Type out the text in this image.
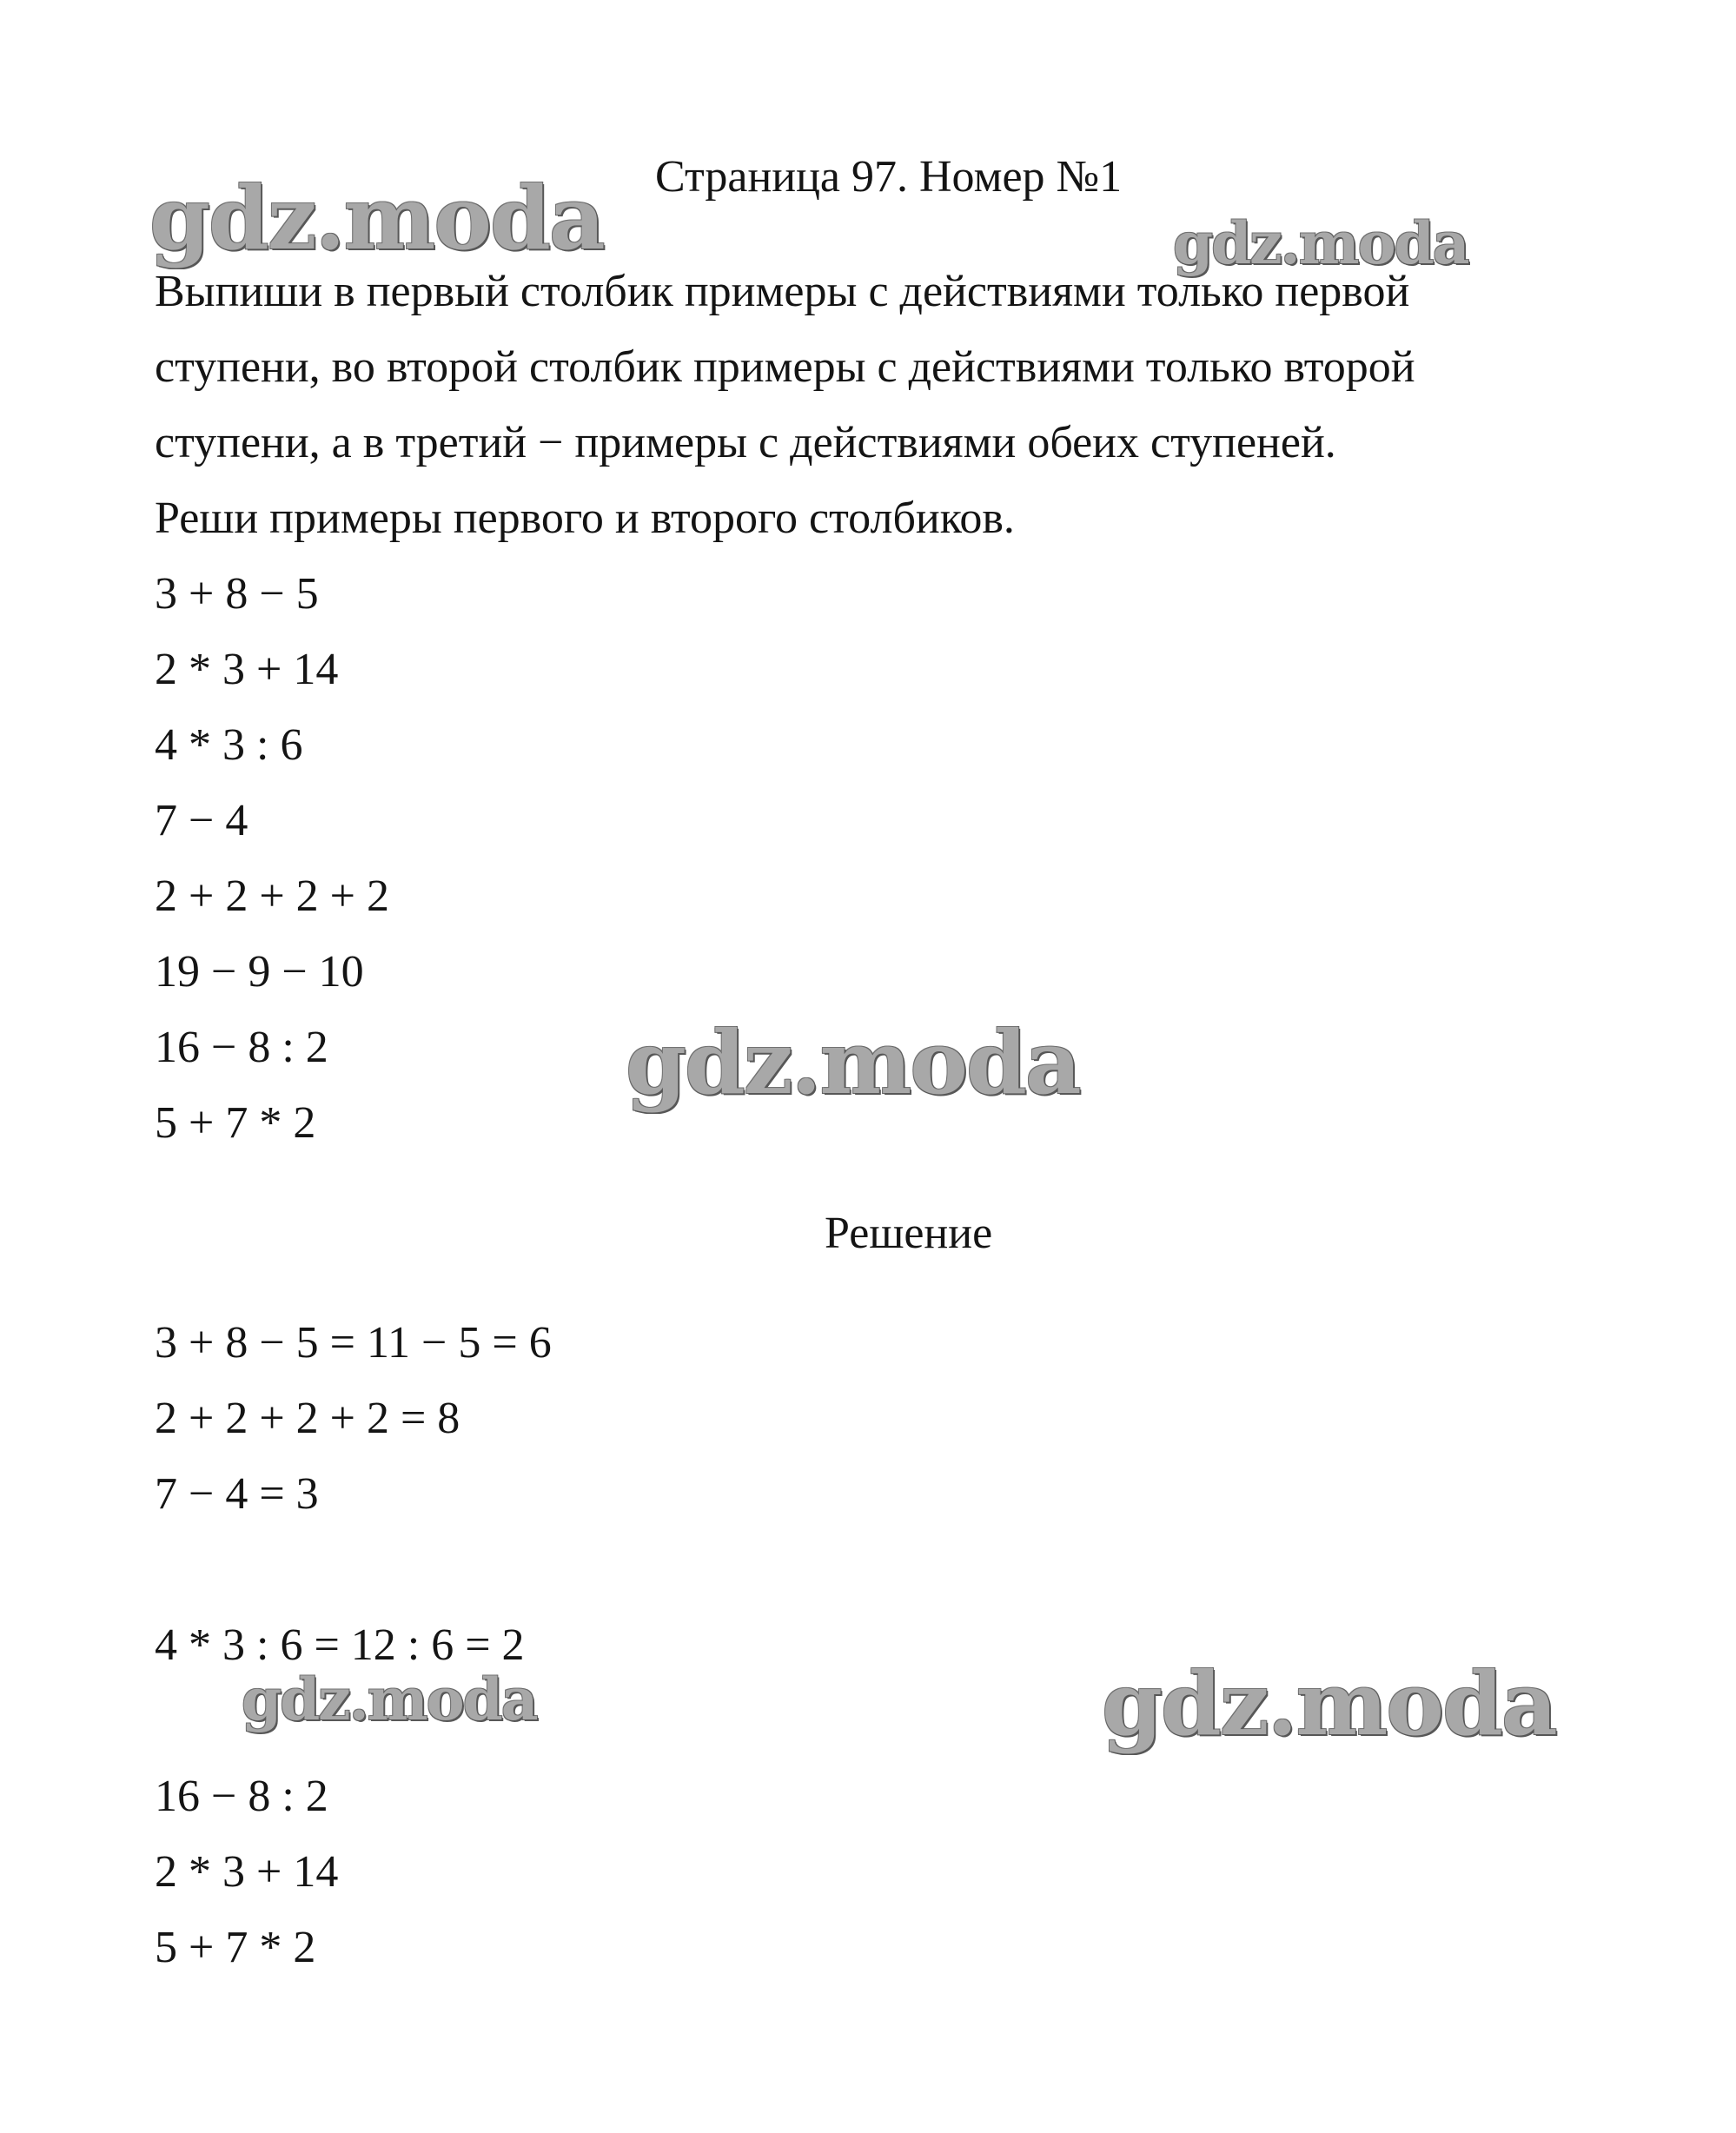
gdz.moda	gdz.moda
gdz.moda
gdz.moda	gdz.moda
Страница 97. Номер №1
Выпиши в первый столбик примеры с действиями только первой
ступени, во второй столбик примеры с действиями только второй
ступени, а в третий − примеры с действиями обеих ступеней.
Реши примеры первого и второго столбиков.
3 + 8 − 5
2 * 3 + 14
4 * 3 : 6
7 − 4
2 + 2 + 2 + 2
19 − 9 − 10
16 − 8 : 2
5 + 7 * 2
Решение
3 + 8 − 5 = 11 − 5 = 6
2 + 2 + 2 + 2 = 8
7 − 4 = 3
4 * 3 : 6 = 12 : 6 = 2
16 − 8 : 2
2 * 3 + 14
5 + 7 * 2
